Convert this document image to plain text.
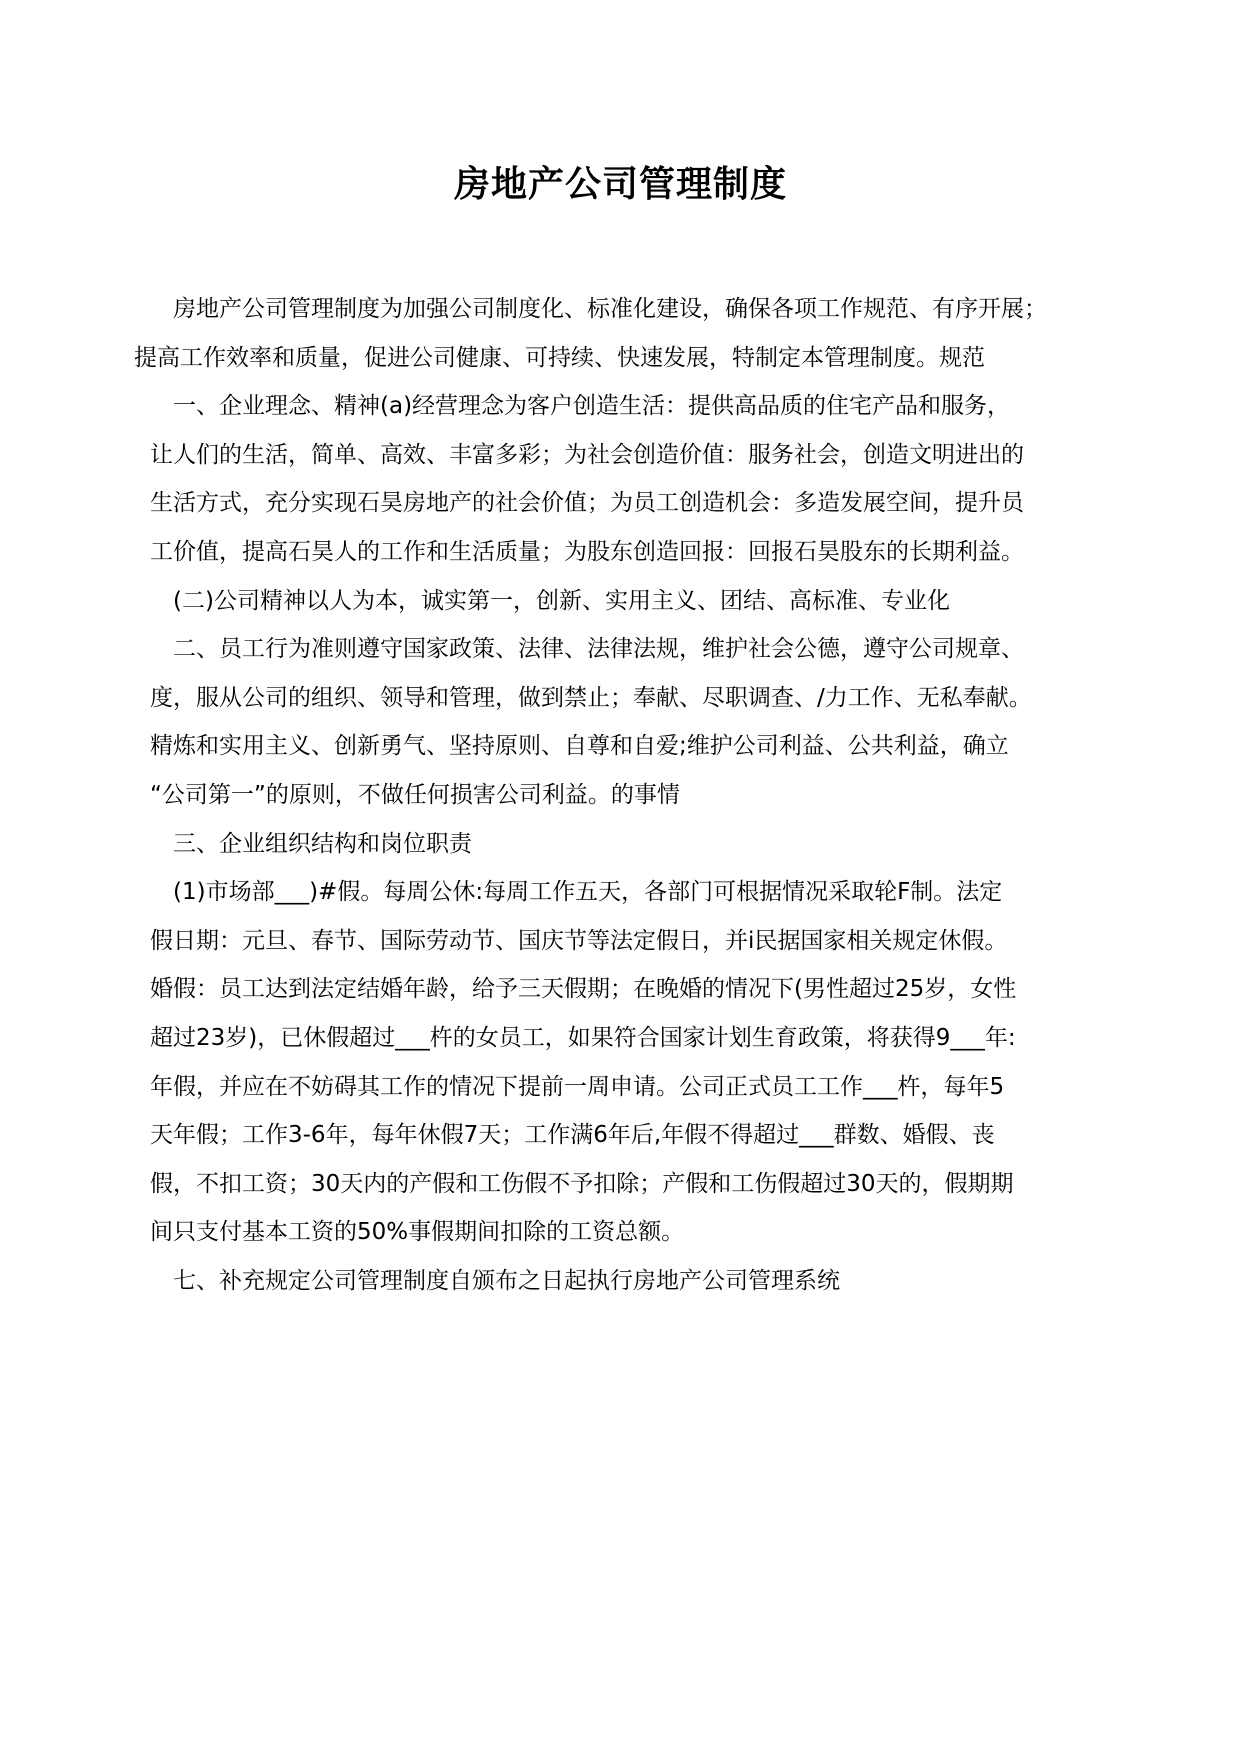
房地产公司管理制度
房地产公司管理制度为加强公司制度化、标准化建设，确保各项工作规范、有序开展；
提高工作效率和质量，促进公司健康、可持续、快速发展，特制定本管理制度。规范
一、企业理念、精神(a)经营理念为客户创造生活：提供高品质的住宅产品和服务，
让人们的生活，简单、高效、丰富多彩；为社会创造价值：服务社会，创造文明进出的
生活方式，充分实现石昊房地产的社会价值；为员工创造机会：多造发展空间，提升员
工价值，提高石昊人的工作和生活质量；为股东创造回报：回报石昊股东的长期利益。
(二)公司精神以人为本，诚实第一，创新、实用主义、团结、高标准、专业化
二、员工行为准则遵守国家政策、法律、法律法规，维护社会公德，遵守公司规章、
度，服从公司的组织、领导和管理，做到禁止；奉献、尽职调查、/力工作、无私奉献。
精炼和实用主义、创新勇气、坚持原则、自尊和自爱;维护公司利益、公共利益，确立
“公司第一”的原则，不做任何损害公司利益。的事情
三、企业组织结构和岗位职责
(1)市场部___)#假。每周公休:每周工作五天，各部门可根据情况采取轮F制。法定
假日期：元旦、春节、国际劳动节、国庆节等法定假日，并i民据国家相关规定休假。
婚假：员工达到法定结婚年龄，给予三天假期；在晚婚的情况下(男性超过25岁，女性
超过23岁)，已休假超过___杵的女员工，如果符合国家计划生育政策，将获得9___年:
年假，并应在不妨碍其工作的情况下提前一周申请。公司正式员工工作___杵，每年5
天年假；工作3-6年，每年休假7天；工作满6年后,年假不得超过___群数、婚假、丧
假，不扣工资；30天内的产假和工伤假不予扣除；产假和工伤假超过30天的，假期期
间只支付基本工资的50%事假期间扣除的工资总额。
七、补充规定公司管理制度自颁布之日起执行房地产公司管理系统
